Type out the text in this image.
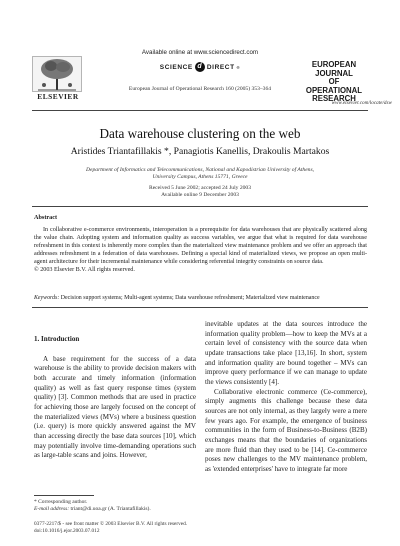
Available online at www.sciencedirect.com
SCIENCE d DIRECT ®
European Journal of Operational Research 160 (2005) 353–364
ELSEVIER
EUROPEAN
JOURNAL
OF OPERATIONAL
RESEARCH
www.elsevier.com/locate/dsw
Data warehouse clustering on the web
Aristides Triantafillakis *, Panagiotis Kanellis, Drakoulis Martakos
Department of Informatics and Telecommunications, National and Kapodistrian University of Athens,
University Campus, Athens 15771, Greece
Received 5 June 2002; accepted 24 July 2003
Available online 9 December 2003
Abstract
In collaborative e-commerce environments, interoperation is a prerequisite for data warehouses that are physically scattered along the value chain. Adopting system and information quality as success variables, we argue that what is required for data warehouse refreshment in this context is inherently more complex than the materialized view maintenance problem and we offer an approach that addresses refreshment in a federation of data warehouses. Defining a special kind of materialized views, we propose an open multi-agent architecture for their incremental maintenance while considering referential integrity constraints on source data.
© 2003 Elsevier B.V. All rights reserved.
Keywords: Decision support systems; Multi-agent systems; Data warehouse refreshment; Materialized view maintenance
1. Introduction

A base requirement for the success of a data warehouse is the ability to provide decision makers with both accurate and timely information (information quality) as well as fast query response times (system quality) [3]. Common methods that are used in practice for achieving those are largely focused on the concept of the materialized views (MVs) where a business question (i.e. query) is more quickly answered against the MV than accessing directly the base data sources [10], which may potentially involve time-demanding operations such as large-table scans and joins. However,

inevitable updates at the data sources introduce the information quality problem—how to keep the MVs at a certain level of consistency with the source data when update transactions take place [13,16]. In short, system and information quality are bound together – MVs can improve query performance if we can manage to update the views consistently [4].

Collaborative electronic commerce (Ce-commerce), simply augments this challenge because these data sources are not only internal, as they largely were a mere few years ago. For example, the emergence of business communities in the form of Business-to-Business (B2B) exchanges means that the boundaries of organizations are more fluid than they used to be [14]. Ce-commerce poses new challenges to the MV maintenance problem, as 'extended enterprises' have to integrate far more

* Corresponding author.
E-mail address: triant@di.uoa.gr (A. Triantafillakis).
0377-2217/$ - see front matter © 2003 Elsevier B.V. All rights reserved.
doi:10.1016/j.ejor.2003.07.012
